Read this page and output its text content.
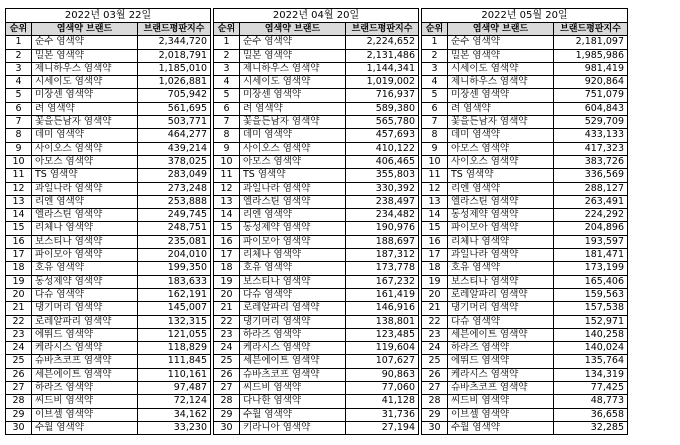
2022년 03월 22일		
순위	염색약 브랜드	브랜드평판지수
1	순수 염색약	2,344,720
2	밀본 염색약	2,018,791
3	제니하우스 염색약	1,185,010
4	시세이도 염색약	1,026,881
5	미장센 염색약	705,942
6	려 염색약	561,695
7	꽃을든남자 염색약	503,771
8	데미 염색약	464,277
9	사이오스 염색약	439,214
10	아모스 염색약	378,025
11	TS 염색약	283,049
12	과일나라 염색약	273,248
13	리엔 염색약	253,888
14	엘라스틴 염색약	249,745
15	리체나 염색약	248,751
16	보스티나 염색약	235,081
17	파이모아 염색약	204,010
18	호유 염색약	199,350
19	동성제약 염색약	183,633
20	다슈 염색약	162,191
21	댕기머리 염색약	145,007
22	로레알파리 염색약	132,315
23	에뛰드 염색약	121,055
24	케라시스 염색약	118,829
25	슈바츠코프 염색약	111,845
26	세븐에이트 염색약	110,161
27	하라즈 염색약	97,487
28	씨드비 염색약	72,124
29	이브셀 염색약	34,162
30	수월 염색약	33,230
2022년 04월 20일		
순위	염색약 브랜드	브랜드평판지수
1	순수 염색약	2,224,652
2	밀본 염색약	2,131,486
3	제니하우스 염색약	1,144,341
4	시세이도 염색약	1,019,002
5	미장센 염색약	716,937
6	려 염색약	589,380
7	꽃을든남자 염색약	565,780
8	데미 염색약	457,693
9	사이오스 염색약	410,122
10	아모스 염색약	406,465
11	TS 염색약	355,803
12	과일나라 염색약	330,392
13	엘라스틴 염색약	238,497
14	리엔 염색약	234,482
15	동성제약 염색약	190,976
16	파이모아 염색약	188,697
17	리체나 염색약	187,312
18	호유 염색약	173,778
19	보스티나 염색약	167,232
20	다슈 염색약	161,419
21	로레알파리 염색약	146,916
22	댕기머리 염색약	138,801
23	하라즈 염색약	123,485
24	케라시스 염색약	119,604
25	세븐에이트 염색약	107,627
26	슈바츠코프 염색약	90,863
27	씨드비 염색약	77,060
28	다나한 염색약	41,128
29	수월 염색약	31,736
30	키라니아 염색약	27,194
2022년 05월 20일		
순위	염색약 브랜드	브랜드평판지수
1	순수 염색약	2,181,097
2	밀본 염색약	1,985,986
3	시세이도 염색약	981,419
4	제니하우스 염색약	920,864
5	미장센 염색약	751,079
6	려 염색약	604,843
7	꽃을든남자 염색약	529,709
8	데미 염색약	433,133
9	아모스 염색약	417,323
10	사이오스 염색약	383,726
11	TS 염색약	336,569
12	리엔 염색약	288,127
13	엘라스틴 염색약	263,491
14	동성제약 염색약	224,292
15	파이모아 염색약	204,896
16	리체나 염색약	193,597
17	과일나라 염색약	181,471
18	호유 염색약	173,199
19	보스티나 염색약	165,406
20	로레알파리 염색약	159,563
21	댕기머리 염색약	157,538
22	다슈 염색약	152,971
23	세븐에이트 염색약	140,258
24	하라즈 염색약	140,024
25	에뛰드 염색약	135,764
26	케라시스 염색약	134,319
27	슈바츠코프 염색약	77,425
28	씨드비 염색약	48,773
29	이브셀 염색약	36,658
30	수월 염색약	32,285
